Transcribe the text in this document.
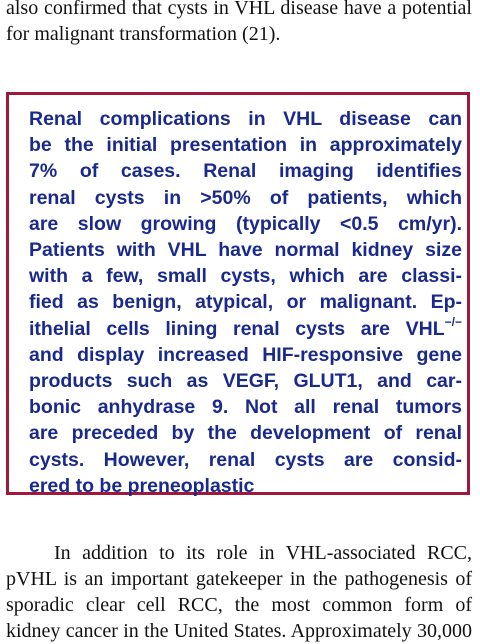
also confirmed that cysts in VHL disease have a potential
for malignant transformation (21).
Renal complications in VHL disease can
be the initial presentation in approximately
7% of cases. Renal imaging identifies
renal cysts in >50% of patients, which
are slow growing (typically <0.5 cm/yr).
Patients with VHL have normal kidney size
with a few, small cysts, which are classi-
fied as benign, atypical, or malignant. Ep-
ithelial cells lining renal cysts are VHL−/−
and display increased HIF-responsive gene
products such as VEGF, GLUT1, and car-
bonic anhydrase 9. Not all renal tumors
are preceded by the development of renal
cysts. However, renal cysts are consid-
ered to be preneoplastic
In addition to its role in VHL-associated RCC,
pVHL is an important gatekeeper in the pathogenesis of
sporadic clear cell RCC, the most common form of
kidney cancer in the United States. Approximately 30,000
